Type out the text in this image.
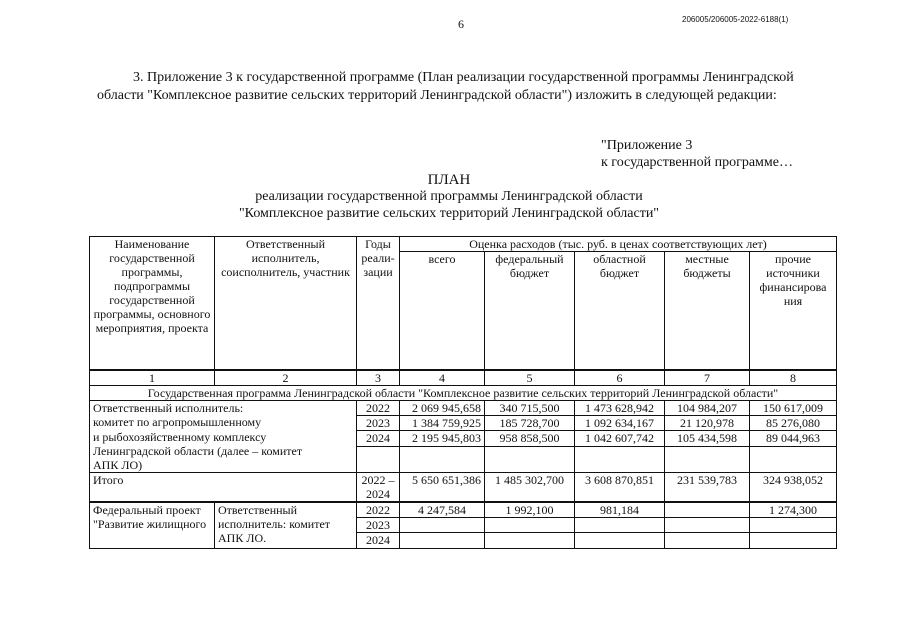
6	206005/206005-2022-6188(1)
3. Приложение 3 к государственной программе (План реализации государственной программы Ленинградской
области "Комплексное развитие сельских территорий Ленинградской области") изложить в следующей редакции:
"Приложение 3
к государственной программе…
ПЛАН
реализации государственной программы Ленинградской области
"Комплексное развитие сельских территорий Ленинградской области"
Наименование государственной программы, подпрограммы государственной программы, основного мероприятия, проекта	Ответственный исполнитель, соисполнитель, участник	Годы реали-зации	Оценка расходов (тыс. руб. в ценах соответствующих лет)				
			всего	федеральный бюджет	областной бюджет	местные бюджеты	прочие источники финансирова ния
1	2	3	4	5	6	7	8
Государственная программа Ленинградской области "Комплексное развитие сельских территорий Ленинградской области"							
Ответственный исполнитель:		2022	2 069 945,658	340 715,500	1 473 628,942	104 984,207	150 617,009
комитет по агропромышленному		2023	1 384 759,925	185 728,700	1 092 634,167	21 120,978	85 276,080

и рыбохозяйственному комплексу Ленинградской области (далее – комитет АПК ЛО)		2024	2 195 945,803	958 858,500	1 042 607,742	105 434,598	89 044,963

Итого		2022 – 2024	5 650 651,386	1 485 302,700	3 608 870,851	231 539,783	324 938,052
Федеральный проект "Развитие жилищного	Ответственный исполнитель: комитет АПК ЛО.	2022	4 247,584	1 992,100	981,184		1 274,300
		2023					
		2024					
